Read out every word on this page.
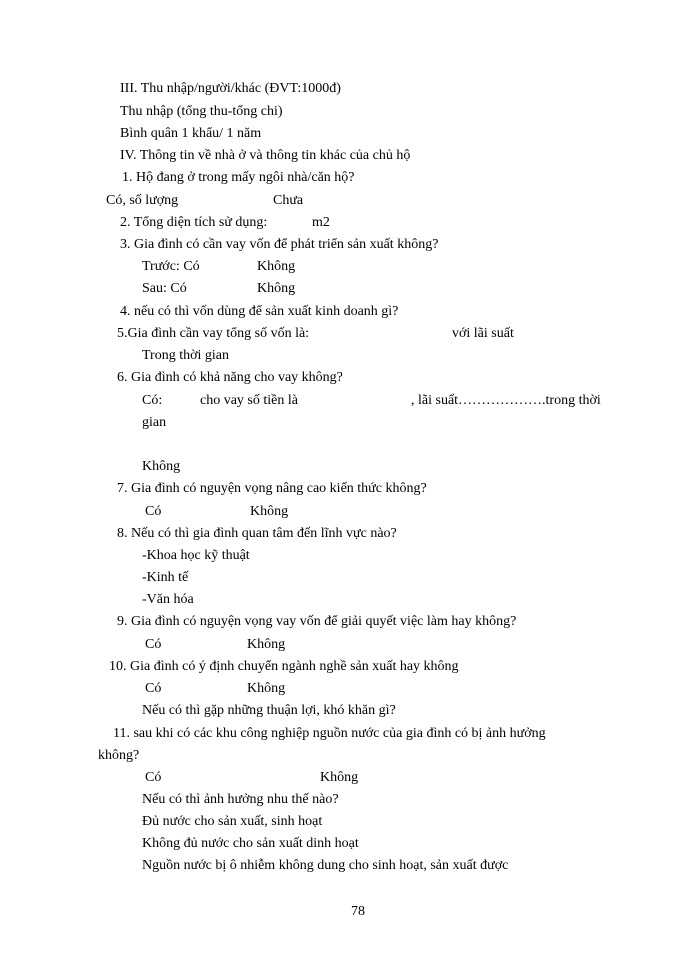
III. Thu nhập/người/khác (ĐVT:1000đ)
Thu nhập (tổng thu-tổng chi)
Bình quân 1 khẩu/ 1 năm
IV. Thông tin về nhà ở và thông tin khác của chủ hộ
1. Hộ đang ở trong mấy ngôi nhà/căn hộ?
Có, số lượng	Chưa
2. Tổng diện tích sử dụng:	m2
3. Gia đình có cần vay vốn để phát triển sản xuất không?
Trước: Có	Không
Sau: Có	Không
4. nếu có thì vốn dùng để sản xuất kinh doanh gì?
5.Gia đình cần vay tổng số vốn là:	với lãi suất
Trong thời gian
6. Gia đình có khả năng cho vay không?
Có:	cho vay số tiền là	, lãi suất……………….trong thời
gian
Không
7. Gia đình có nguyện vọng nâng cao kiến thức không?
Có	Không
8. Nếu có thì gia đình quan tâm đến lĩnh vực nào?
-Khoa học kỹ thuật
-Kinh tế
-Văn hóa
9. Gia đình có nguyện vọng vay vốn để giải quyết việc làm hay không?
Có	Không
10. Gia đình có ý định chuyển ngành nghề sản xuất hay không
Có	Không
Nếu có thì gặp những thuận lợi, khó khăn gì?
11. sau khi có các khu công nghiệp nguồn nước của gia đình có bị ảnh hưởng
không?
Có	Không
Nếu có thì ảnh hưởng nhu thế nào?
Đủ nước cho sản xuất, sinh hoạt
Không đủ nước cho sản xuất dinh hoạt
Nguồn nước bị ô nhiễm không dung cho sinh hoạt, sản xuất được
78
